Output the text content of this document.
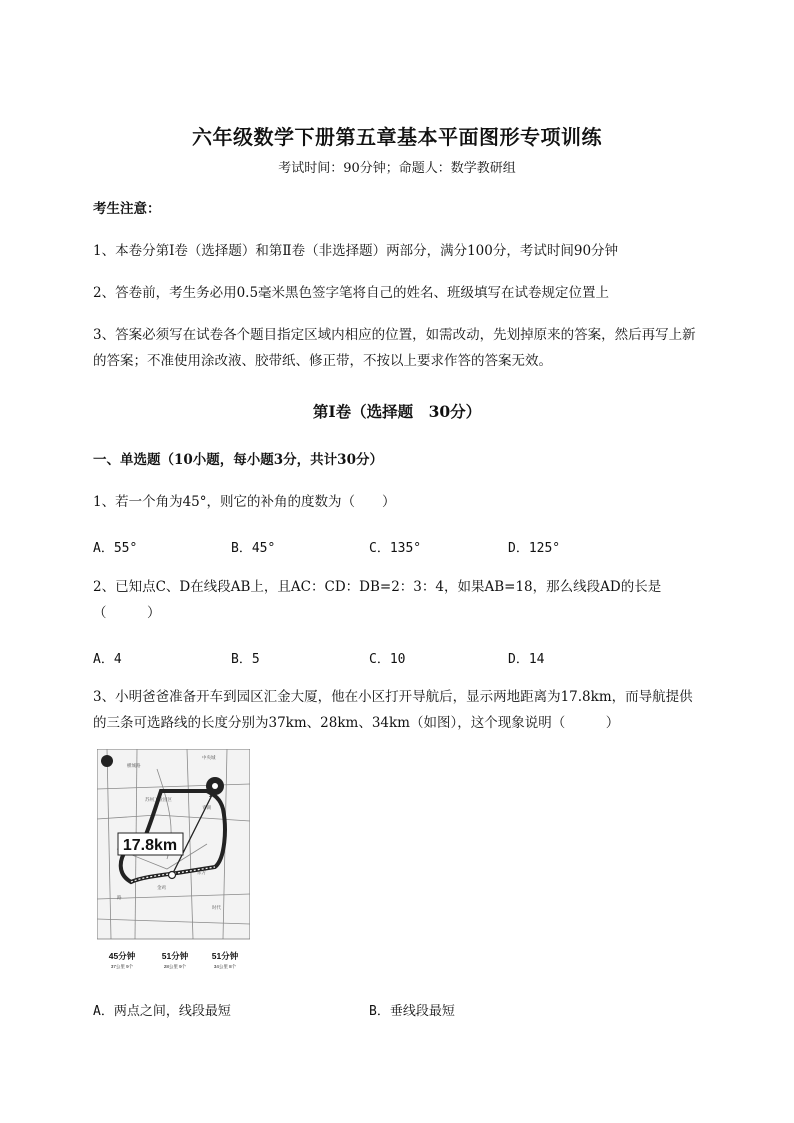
六年级数学下册第五章基本平面图形专项训练
考试时间：90分钟；命题人：数学教研组
考生注意：
1、本卷分第Ⅰ卷（选择题）和第Ⅱ卷（非选择题）两部分，满分100分，考试时间90分钟
2、答卷前，考生务必用0.5毫米黑色签字笔将自己的姓名、班级填写在试卷规定位置上
3、答案必须写在试卷各个题目指定区域内相应的位置，如需改动，先划掉原来的答案，然后再写上新
的答案；不准使用涂改液、胶带纸、修正带，不按以上要求作答的答案无效。
第Ⅰ卷（选择题　30分）
一、单选题（10小题，每小题3分，共计30分）
1、若一个角为45°，则它的补角的度数为（　　）
A．55°	B．45°	C．135°	D．125°
2、已知点C、D在线段AB上，且AC：CD：DB=2：3：4，如果AB=18，那么线段AD的长是
（　　　）
A．4	B．5	C．10	D．14
3、小明爸爸准备开车到园区汇金大厦，他在小区打开导航后，显示两地距离为17.8km，而导航提供
的三条可选路线的长度分别为37km、28km、34km（如图），这个现象说明（　　　）
横城路
中央城
苏州工业园区
青湖
金鸡
东方
时代
路
17.8km
45分钟
37公里 9个
51分钟
28公里 9个
51分钟
34公里 8个
A．两点之间，线段最短	B．垂线段最短
